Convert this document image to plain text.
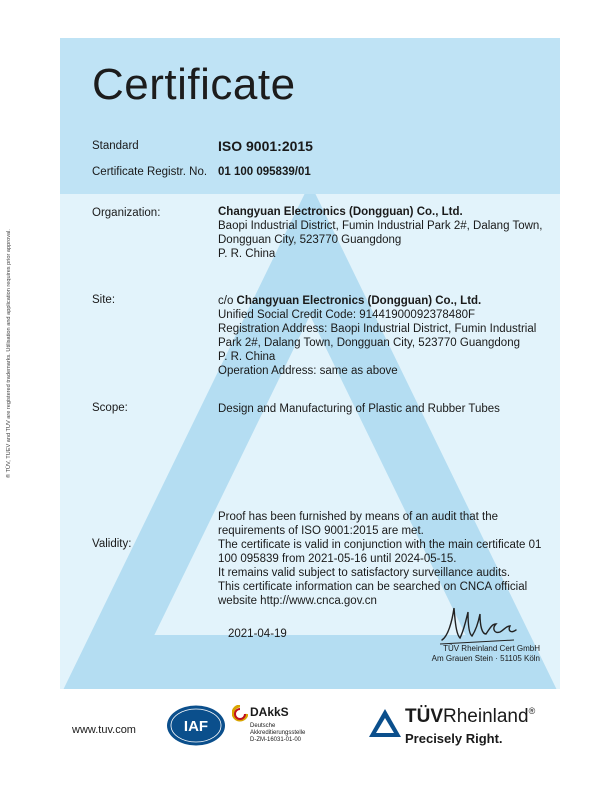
Certificate
Standard	ISO 9001:2015
Certificate Registr. No. 01 100 095839/01
Organization:	Changyuan Electronics (Dongguan) Co., Ltd.
Baopi Industrial District, Fumin Industrial Park 2#, Dalang Town,
Dongguan City, 523770 Guangdong
P. R. China
Site:	c/o Changyuan Electronics (Dongguan) Co., Ltd.
Unified Social Credit Code: 91441900092378480F
Registration Address: Baopi Industrial District, Fumin Industrial
Park 2#, Dalang Town, Dongguan City, 523770 Guangdong
P. R. China
Operation Address: same as above
Scope:	Design and Manufacturing of Plastic and Rubber Tubes
Validity:
Proof has been furnished by means of an audit that the
requirements of ISO 9001:2015 are met.
The certificate is valid in conjunction with the main certificate 01
100 095839 from 2021-05-16 until 2024-05-15.
It remains valid subject to satisfactory surveillance audits.
This certificate information can be searched on CNCA official
website http://www.cnca.gov.cn
2021-04-19
TÜV Rheinland Cert GmbH
Am Grauen Stein · 51105 Köln
® TÜV, TUEV and TUV are registered trademarks. Utilisation and application requires prior approval.
www.tuv.com	IAF
DAkkS
Deutsche
Akkreditierungsstelle
D-ZM-16031-01-00
TÜVRheinland®
Precisely Right.
